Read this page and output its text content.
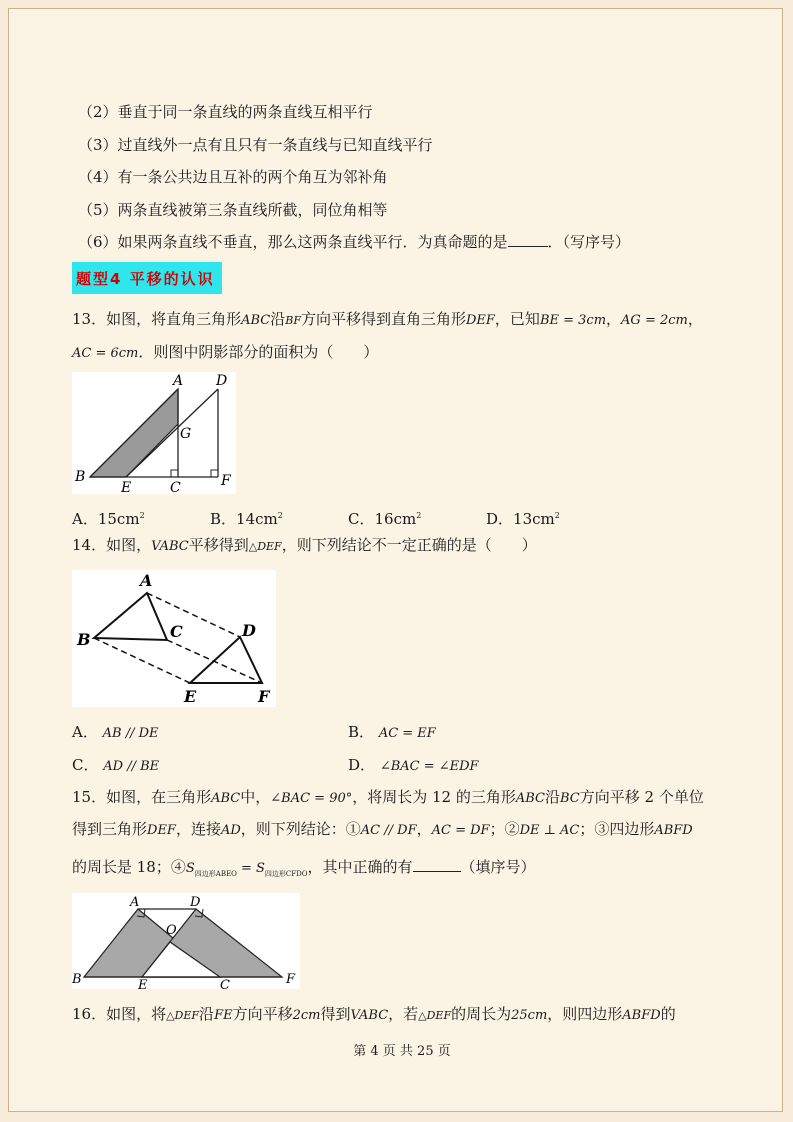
（2）垂直于同一条直线的两条直线互相平行
（3）过直线外一点有且只有一条直线与已知直线平行
（4）有一条公共边且互补的两个角互为邻补角
（5）两条直线被第三条直线所截，同位角相等
（6）如果两条直线不垂直，那么这两条直线平行．为真命题的是	．（写序号）
题型4 平移的认识
13．如图，将直角三角形ABC沿BF方向平移得到直角三角形DEF，已知BE = 3cm，AG = 2cm，
AC = 6cm．则图中阴影部分的面积为（　　）
A D
G
B
E	C	F
A．$15cm^2$	B．$14cm^2$	C．$16cm^2$	D．$13cm^2$
14．如图，VABC平移得到△DEF，则下列结论不一定正确的是（　　）
A
B	C	D
E	F
A． AB // DE	B． AC = EF
C． AD // BE	D． ∠BAC = ∠EDF
15．如图，在三角形ABC中，∠BAC = 90°，将周长为 12 的三角形ABC沿BC方向平移 2 个单位
得到三角形DEF，连接AD，则下列结论：①AC // DF，AC = DF；②DE ⊥ AC；③四边形ABFD
的周长是 18；$④S_{四边形ABEO} = S_{四边形CFDO}$，其中正确的有	（填序号）
A	D
O
B	E	C	F
16．如图，将△DEF沿FE方向平移2cm得到VABC，若△DEF的周长为25cm，则四边形ABFD的
第 4 页 共 25 页
